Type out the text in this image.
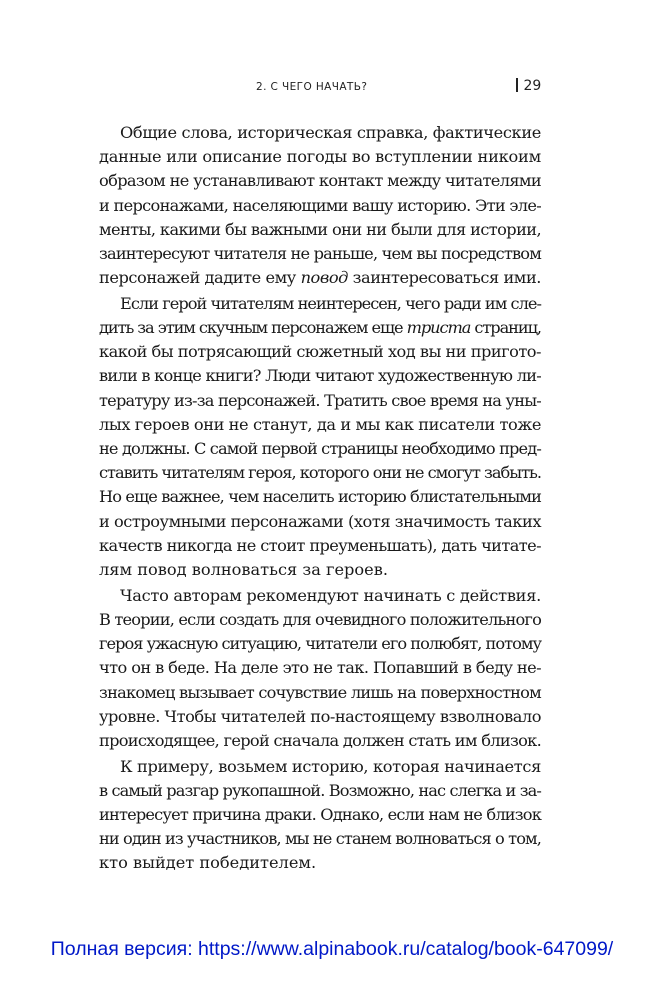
2. С ЧЕГО НАЧАТЬ?	29
Общие слова, историческая справка, фактические
данные или описание погоды во вступлении никоим
образом не устанавливают контакт между читателями
и персонажами, населяющими вашу историю. Эти эле-
менты, какими бы важными они ни были для истории,
заинтересуют читателя не раньше, чем вы посредством
персонажей дадите ему повод заинтересоваться ими.
Если герой читателям неинтересен, чего ради им сле-
дить за этим скучным персонажем еще триста страниц,
какой бы потрясающий сюжетный ход вы ни пригото-
вили в конце книги? Люди читают художественную ли-
тературу из-за персонажей. Тратить свое время на уны-
лых героев они не станут, да и мы как писатели тоже
не должны. С самой первой страницы необходимо пред-
ставить читателям героя, которого они не смогут забыть.
Но еще важнее, чем населить историю блистательными
и остроумными персонажами (хотя значимость таких
качеств никогда не стоит преуменьшать), дать читате-
лям повод волноваться за героев.
Часто авторам рекомендуют начинать с действия.
В теории, если создать для очевидного положительного
героя ужасную ситуацию, читатели его полюбят, потому
что он в беде. На деле это не так. Попавший в беду не-
знакомец вызывает сочувствие лишь на поверхностном
уровне. Чтобы читателей по-настоящему взволновало
происходящее, герой сначала должен стать им близок.
К примеру, возьмем историю, которая начинается
в самый разгар рукопашной. Возможно, нас слегка и за-
интересует причина драки. Однако, если нам не близок
ни один из участников, мы не станем волноваться о том,
кто выйдет победителем.
Полная версия: https://www.alpinabook.ru/catalog/book-647099/
